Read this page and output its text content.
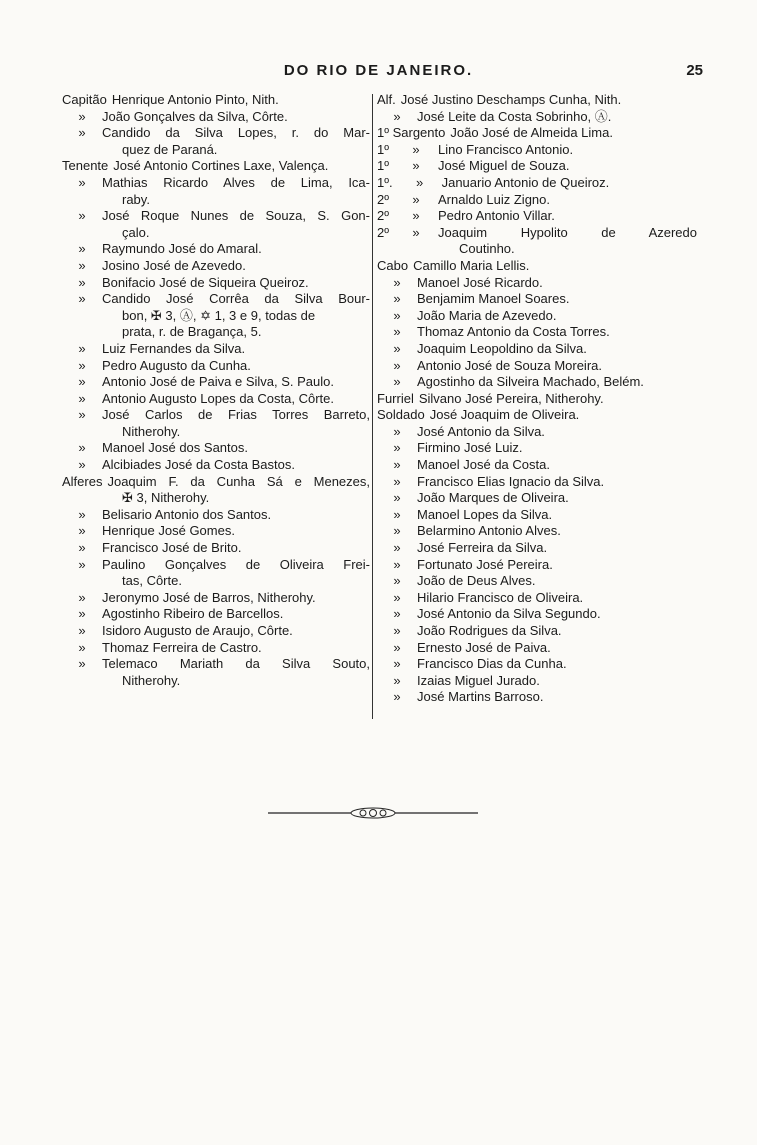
DO RIO DE JANEIRO.	25
Capitão Henrique Antonio Pinto, Nith.
»	João Gonçalves da Silva, Côrte.
»	Candido da Silva Lopes, r. do Mar-
quez de Paraná.
Tenente José Antonio Cortines Laxe, Valença.
»	Mathias Ricardo Alves de Lima, Ica-
raby.
»	José Roque Nunes de Souza, S. Gon-
çalo.
»	Raymundo José do Amaral.
»	Josino José de Azevedo.
»	Bonifacio José de Siqueira Queiroz.
»	Candido José Corrêa da Silva Bour-
bon, ✠ 3, Ⓐ, ✡ 1, 3 e 9, todas de
prata, r. de Bragança, 5.
»	Luiz Fernandes da Silva.
»	Pedro Augusto da Cunha.
»	Antonio José de Paiva e Silva, S. Paulo.
»	Antonio Augusto Lopes da Costa, Côrte.
»	José Carlos de Frias Torres Barreto,
Nitherohy.
»	Manoel José dos Santos.
»	Alcibiades José da Costa Bastos.
Alferes Joaquim F. da Cunha Sá e Menezes,
✠ 3, Nitherohy.
»	Belisario Antonio dos Santos.
»	Henrique José Gomes.
»	Francisco José de Brito.
»	Paulino Gonçalves de Oliveira Frei-
tas, Côrte.
»	Jeronymo José de Barros, Nitherohy.
»	Agostinho Ribeiro de Barcellos.
»	Isidoro Augusto de Araujo, Côrte.
»	Thomaz Ferreira de Castro.
»	Telemaco Mariath da Silva Souto,
Nitherohy.
Alf. José Justino Deschamps Cunha, Nith.
»	José Leite da Costa Sobrinho, Ⓐ.
1º Sargento João José de Almeida Lima.
1º	»	Lino Francisco Antonio.
1º	»	José Miguel de Souza.
1º.	»	Januario Antonio de Queiroz.
2º	»	Arnaldo Luiz Zigno.
2º	»	Pedro Antonio Villar.
2º	»	Joaquim Hypolito de Azeredo
Coutinho.
Cabo Camillo Maria Lellis.
»	Manoel José Ricardo.
»	Benjamim Manoel Soares.
»	João Maria de Azevedo.
»	Thomaz Antonio da Costa Torres.
»	Joaquim Leopoldino da Silva.
»	Antonio José de Souza Moreira.
»	Agostinho da Silveira Machado, Belém.
Furriel Silvano José Pereira, Nitherohy.
Soldado José Joaquim de Oliveira.
»	José Antonio da Silva.
»	Firmino José Luiz.
»	Manoel José da Costa.
»	Francisco Elias Ignacio da Silva.
»	João Marques de Oliveira.
»	Manoel Lopes da Silva.
»	Belarmino Antonio Alves.
»	José Ferreira da Silva.
»	Fortunato José Pereira.
»	João de Deus Alves.
»	Hilario Francisco de Oliveira.
»	José Antonio da Silva Segundo.
»	João Rodrigues da Silva.
»	Ernesto José de Paiva.
»	Francisco Dias da Cunha.
»	Izaias Miguel Jurado.
»	José Martins Barroso.
